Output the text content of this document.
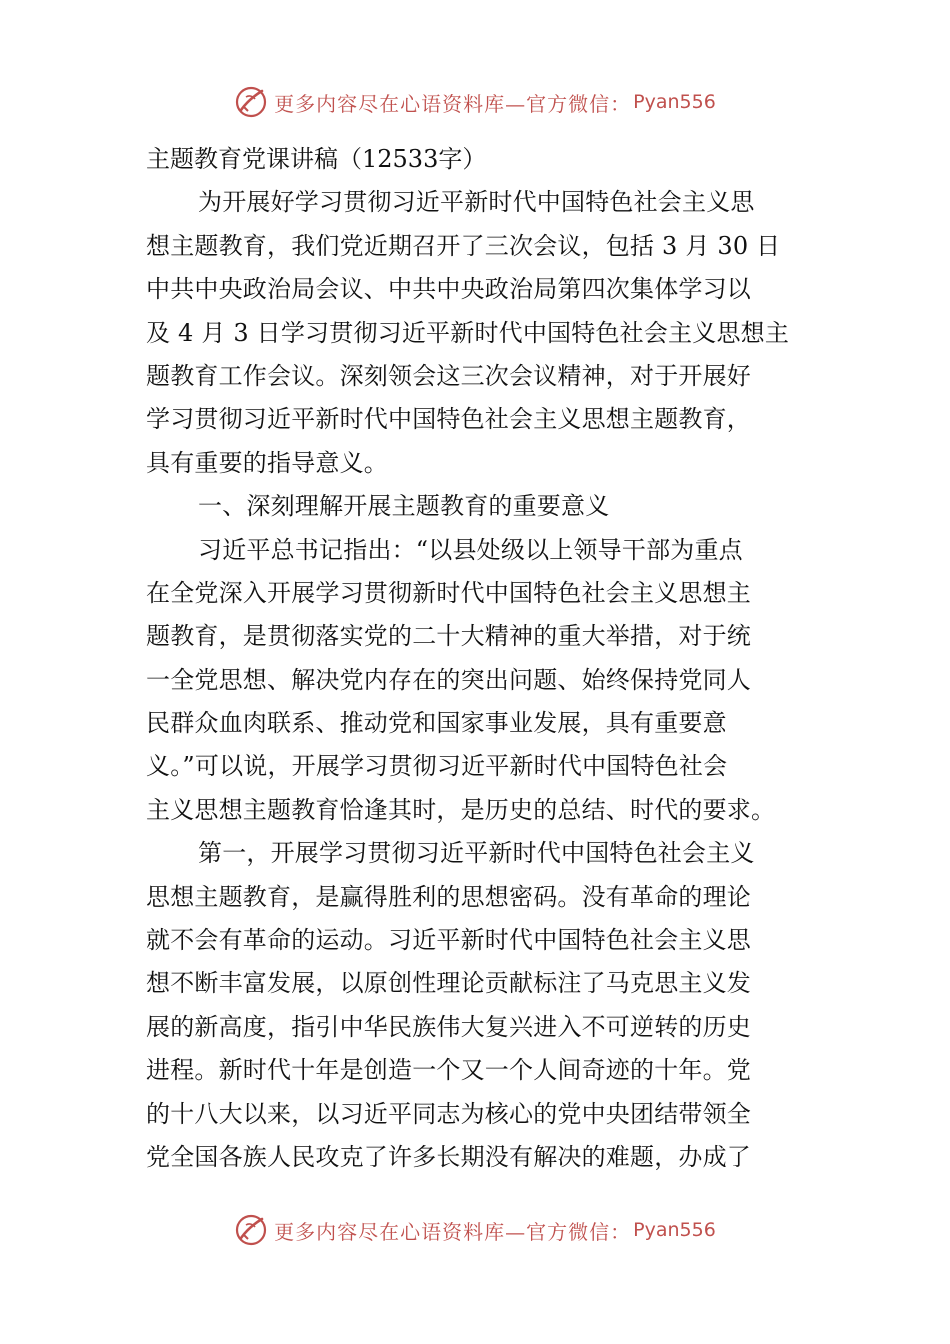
更多内容尽在心语资料库—官方微信： Pyan556
主题教育党课讲稿（12533字）
为开展好学习贯彻习近平新时代中国特色社会主义思
想主题教育，我们党近期召开了三次会议，包括 3 月 30 日
中共中央政治局会议、中共中央政治局第四次集体学习以
及 4 月 3 日学习贯彻习近平新时代中国特色社会主义思想主
题教育工作会议。深刻领会这三次会议精神，对于开展好
学习贯彻习近平新时代中国特色社会主义思想主题教育，
具有重要的指导意义。
一、深刻理解开展主题教育的重要意义
习近平总书记指出：“以县处级以上领导干部为重点
在全党深入开展学习贯彻新时代中国特色社会主义思想主
题教育，是贯彻落实党的二十大精神的重大举措，对于统
一全党思想、解决党内存在的突出问题、始终保持党同人
民群众血肉联系、推动党和国家事业发展，具有重要意
义。”可以说，开展学习贯彻习近平新时代中国特色社会
主义思想主题教育恰逢其时，是历史的总结、时代的要求。
第一，开展学习贯彻习近平新时代中国特色社会主义
思想主题教育，是赢得胜利的思想密码。没有革命的理论
就不会有革命的运动。习近平新时代中国特色社会主义思
想不断丰富发展，以原创性理论贡献标注了马克思主义发
展的新高度，指引中华民族伟大复兴进入不可逆转的历史
进程。新时代十年是创造一个又一个人间奇迹的十年。党
的十八大以来，以习近平同志为核心的党中央团结带领全
党全国各族人民攻克了许多长期没有解决的难题，办成了
更多内容尽在心语资料库—官方微信： Pyan556
